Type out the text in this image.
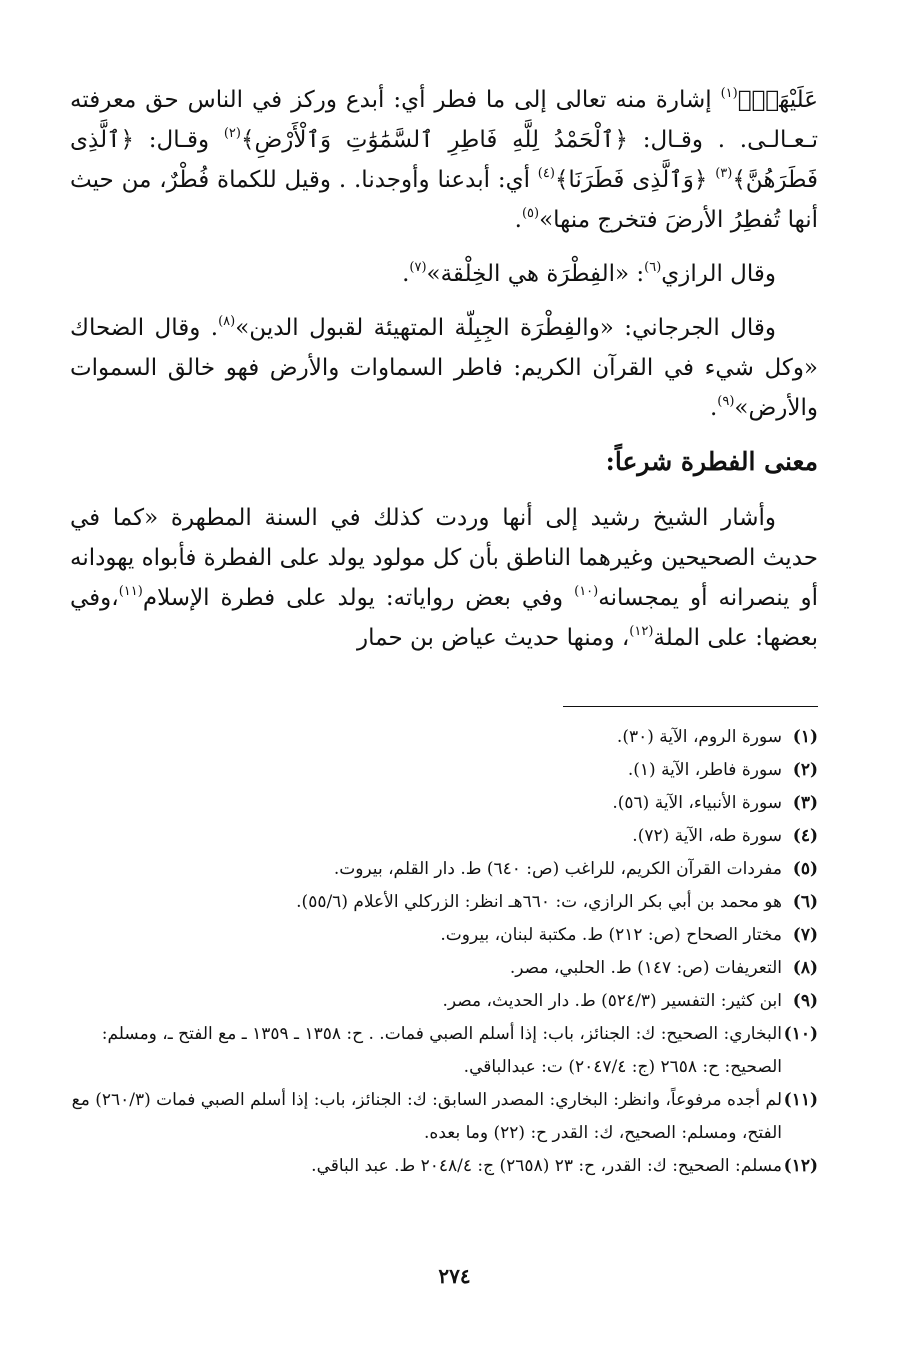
عَلَيْهَاۚ﴾$^{(١)}$ إشارة منه تعالى إلى ما فطر أي: أبدع وركز في الناس حق معرفته تـعـالـى. . وقـال: ﴿ٱلْحَمْدُ لِلَّهِ فَاطِرِ ٱلسَّمَٰوَٰتِ وَٱلْأَرْضِ﴾$^{(٢)}$ وقـال: ﴿ٱلَّذِى فَطَرَهُنَّ﴾$^{(٣)}$ ﴿وَٱلَّذِى فَطَرَنَا﴾$^{(٤)}$ أي: أبدعنا وأوجدنا. . وقيل للكماة فُطْرٌ، من حيث أنها تُفطِرُ الأرضَ فتخرج منها»$^{(٥)}$.

وقال الرازي$^{(٦)}$: «الفِطْرَة هي الخِلْقة»$^{(٧)}$.

وقال الجرجاني: «والفِطْرَة الجِبِلّة المتهيئة لقبول الدين»$^{(٨)}$. وقال الضحاك «وكل شيء في القرآن الكريم: فاطر السماوات والأرض فهو خالق السموات والأرض»$^{(٩)}$.

معنى الفطرة شرعاً:

وأشار الشيخ رشيد إلى أنها وردت كذلك في السنة المطهرة «كما في حديث الصحيحين وغيرهما الناطق بأن كل مولود يولد على الفطرة فأبواه يهودانه أو ينصرانه أو يمجسانه$^{(١٠)}$ وفي بعض رواياته: يولد على فطرة الإسلام$^{(١١)}$،وفي بعضها: على الملة$^{(١٢)}$، ومنها حديث عياض بن حمار

(١)
سورة الروم، الآية (٣٠).
(٢)
سورة فاطر، الآية (١).
(٣)
سورة الأنبياء، الآية (٥٦).
(٤)
سورة طه، الآية (٧٢).
(٥)
مفردات القرآن الكريم، للراغب (ص: ٦٤٠) ط. دار القلم، بيروت.
(٦)
هو محمد بن أبي بكر الرازي، ت: ٦٦٠هـ انظر: الزركلي الأعلام (٥٥/٦).
(٧)
مختار الصحاح (ص: ٢١٢) ط. مكتبة لبنان، بيروت.
(٨)
التعريفات (ص: ١٤٧) ط. الحلبي، مصر.
(٩)
ابن كثير: التفسير (٥٢٤/٣) ط. دار الحديث، مصر.
(١٠)
البخاري: الصحيح: ك: الجنائز، باب: إذا أسلم الصبي فمات. . ح: ١٣٥٨ ـ ١٣٥٩ ـ مع الفتح ـ، ومسلم: الصحيح: ح: ٢٦٥٨ (ج: ٢٠٤٧/٤) ت: عبدالباقي.
(١١)
لم أجده مرفوعاً، وانظر: البخاري: المصدر السابق: ك: الجنائز، باب: إذا أسلم الصبي فمات (٢٦٠/٣) مع الفتح، ومسلم: الصحيح، ك: القدر ح: (٢٢) وما بعده.
(١٢)
مسلم: الصحيح: ك: القدر، ح: ٢٣ (٢٦٥٨) ج: ٢٠٤٨/٤ ط. عبد الباقي.
٢٧٤
